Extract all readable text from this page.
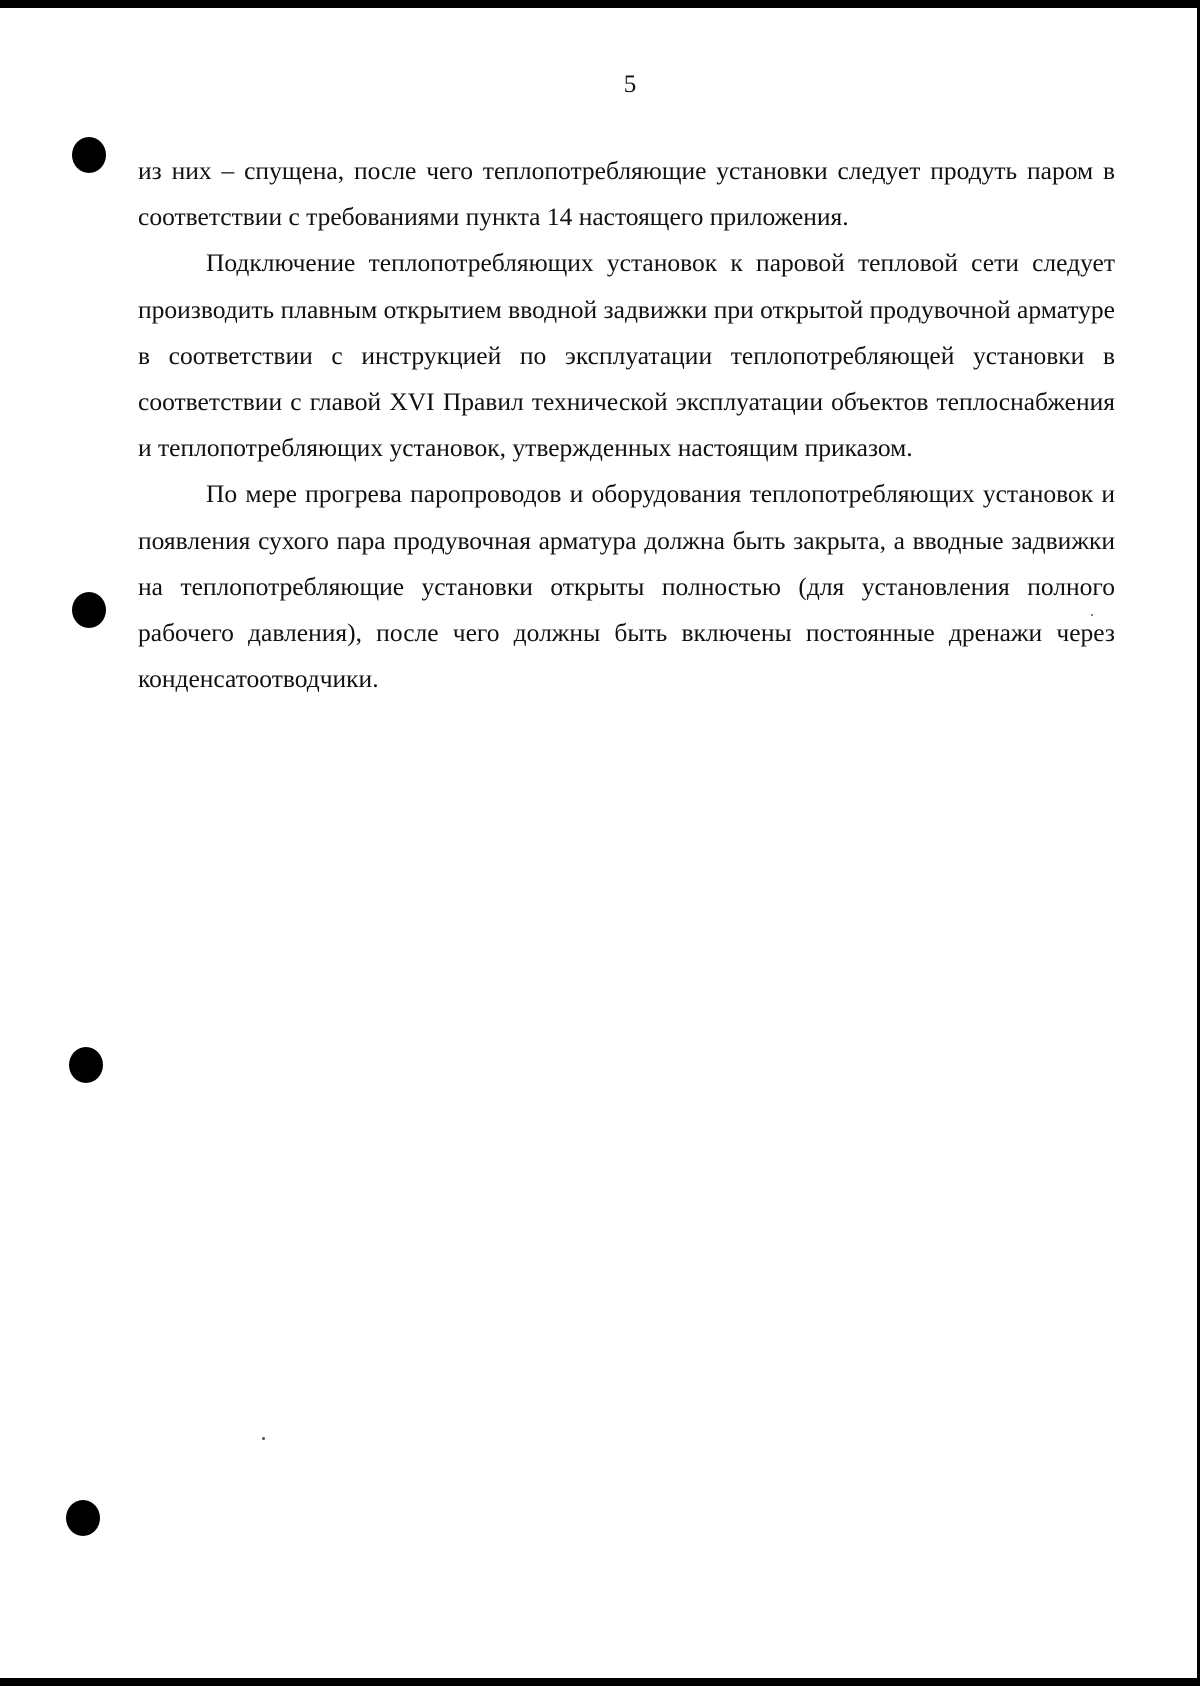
5

из них – спущена, после чего теплопотребляющие установки следует продуть паром в соответствии с требованиями пункта 14 настоящего приложения.

Подключение теплопотребляющих установок к паровой тепловой сети следует производить плавным открытием вводной задвижки при открытой продувочной арматуре в соответствии с инструкцией по эксплуатации теплопотребляющей установки в соответствии с главой XVI Правил технической эксплуатации объектов теплоснабжения и теплопотребляющих установок, утвержденных настоящим приказом.

По мере прогрева паропроводов и оборудования теплопотребляющих установок и появления сухого пара продувочная арматура должна быть закрыта, а вводные задвижки на теплопотребляющие установки открыты полностью (для установления полного рабочего давления), после чего должны быть включены постоянные дренажи через конденсатоотводчики.
